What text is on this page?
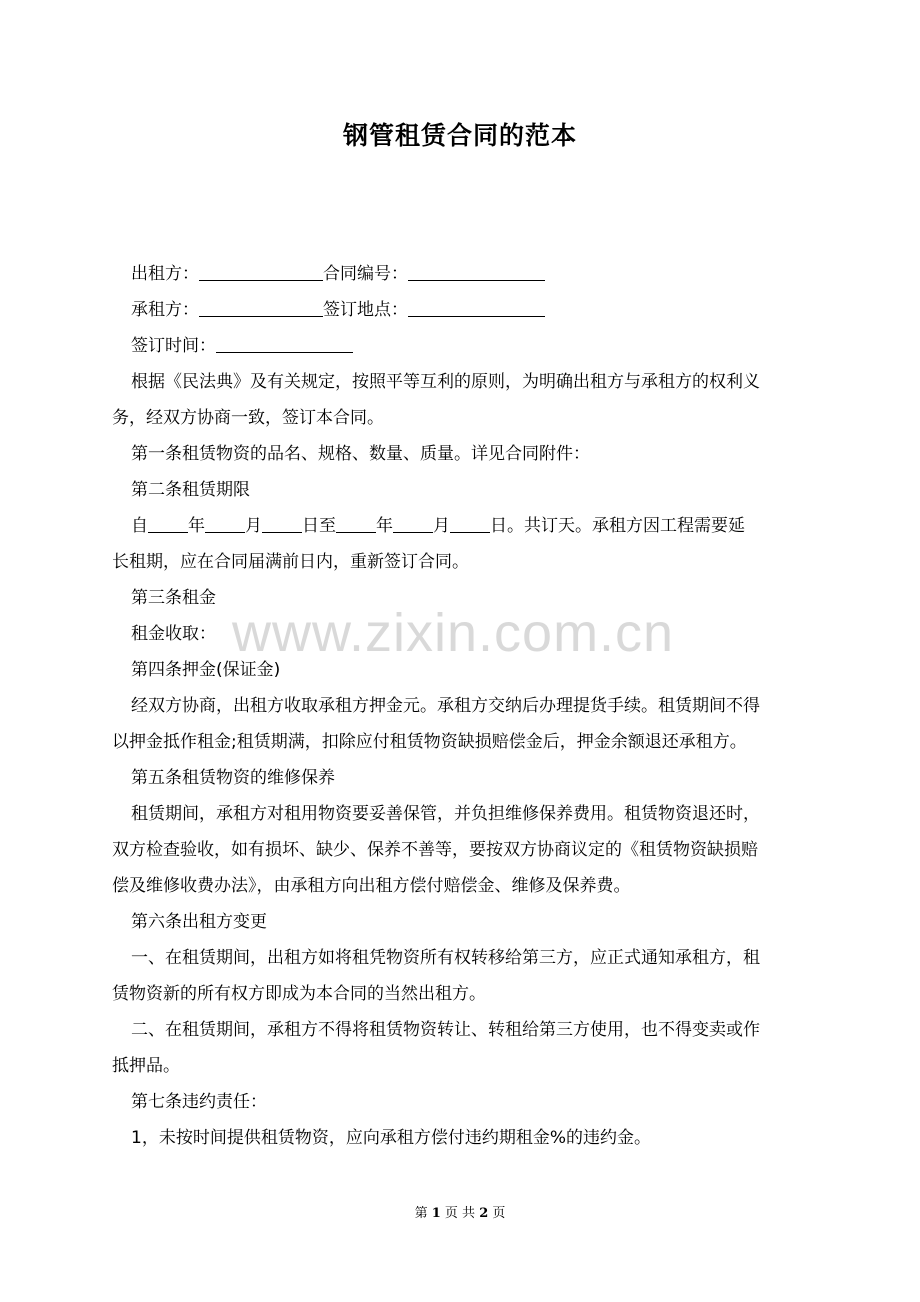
www.zixin.com.cn
钢管租赁合同的范本
出租方：	合同编号：
承租方：	签订地点：
签订时间：
根据《民法典》及有关规定，按照平等互利的原则，为明确出租方与承租方的权利义
务，经双方协商一致，签订本合同。
第一条租赁物资的品名、规格、数量、质量。详见合同附件：
第二条租赁期限
自 年 月 日至 年 月 日。共订天。承租方因工程需要延
长租期，应在合同届满前日内，重新签订合同。
第三条租金
租金收取：
第四条押金(保证金)
经双方协商，出租方收取承租方押金元。承租方交纳后办理提货手续。租赁期间不得
以押金抵作租金;租赁期满，扣除应付租赁物资缺损赔偿金后，押金余额退还承租方。
第五条租赁物资的维修保养
租赁期间，承租方对租用物资要妥善保管，并负担维修保养费用。租赁物资退还时，
双方检查验收，如有损坏、缺少、保养不善等，要按双方协商议定的《租赁物资缺损赔
偿及维修收费办法》，由承租方向出租方偿付赔偿金、维修及保养费。
第六条出租方变更
一、在租赁期间，出租方如将租凭物资所有权转移给第三方，应正式通知承租方，租
赁物资新的所有权方即成为本合同的当然出租方。
二、在租赁期间，承租方不得将租赁物资转让、转租给第三方使用，也不得变卖或作
抵押品。
第七条违约责任：
1，未按时间提供租赁物资，应向承租方偿付违约期租金%的违约金。
第 1 页 共 2 页
